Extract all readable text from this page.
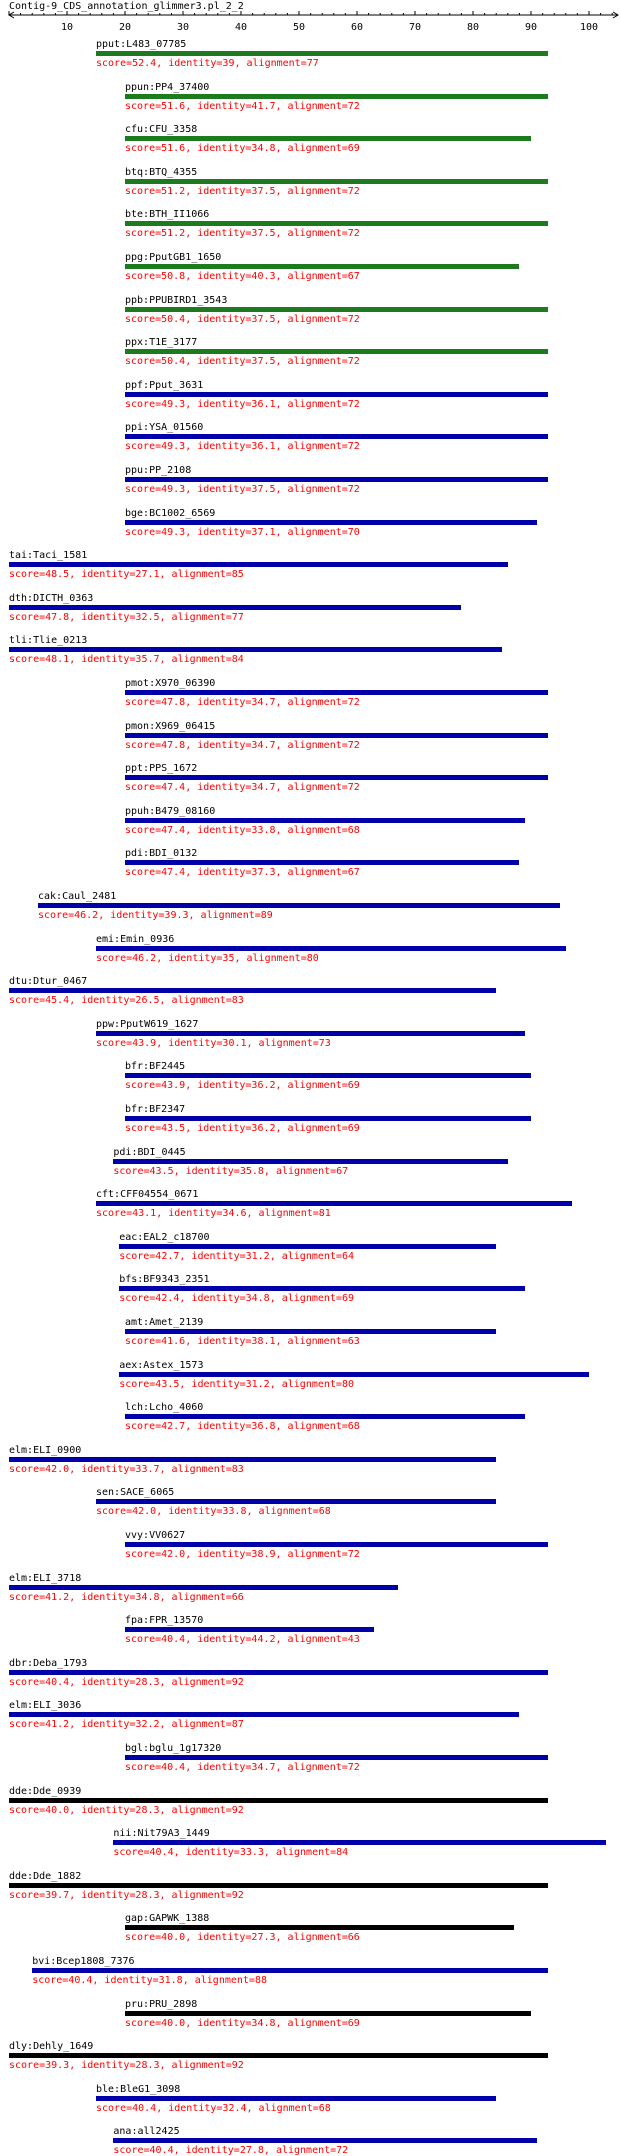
Contig-9_CDS_annotation_glimmer3.pl_2_2
10	20	30	40	50	60	70	80	90	100
pput:L483_07785
score=52.4, identity=39, alignment=77
ppun:PP4_37400
score=51.6, identity=41.7, alignment=72
cfu:CFU_3358
score=51.6, identity=34.8, alignment=69
btq:BTQ_4355
score=51.2, identity=37.5, alignment=72
bte:BTH_II1066
score=51.2, identity=37.5, alignment=72
ppg:PputGB1_1650
score=50.8, identity=40.3, alignment=67
ppb:PPUBIRD1_3543
score=50.4, identity=37.5, alignment=72
ppx:T1E_3177
score=50.4, identity=37.5, alignment=72
ppf:Pput_3631
score=49.3, identity=36.1, alignment=72
ppi:YSA_01560
score=49.3, identity=36.1, alignment=72
ppu:PP_2108
score=49.3, identity=37.5, alignment=72
bge:BC1002_6569
score=49.3, identity=37.1, alignment=70
tai:Taci_1581
score=48.5, identity=27.1, alignment=85
dth:DICTH_0363
score=47.8, identity=32.5, alignment=77
tli:Tlie_0213
score=48.1, identity=35.7, alignment=84
pmot:X970_06390
score=47.8, identity=34.7, alignment=72
pmon:X969_06415
score=47.8, identity=34.7, alignment=72
ppt:PPS_1672
score=47.4, identity=34.7, alignment=72
ppuh:B479_08160
score=47.4, identity=33.8, alignment=68
pdi:BDI_0132
score=47.4, identity=37.3, alignment=67
cak:Caul_2481
score=46.2, identity=39.3, alignment=89
emi:Emin_0936
score=46.2, identity=35, alignment=80
dtu:Dtur_0467
score=45.4, identity=26.5, alignment=83
ppw:PputW619_1627
score=43.9, identity=30.1, alignment=73
bfr:BF2445
score=43.9, identity=36.2, alignment=69
bfr:BF2347
score=43.5, identity=36.2, alignment=69
pdi:BDI_0445
score=43.5, identity=35.8, alignment=67
cft:CFF04554_0671
score=43.1, identity=34.6, alignment=81
eac:EAL2_c18700
score=42.7, identity=31.2, alignment=64
bfs:BF9343_2351
score=42.4, identity=34.8, alignment=69
amt:Amet_2139
score=41.6, identity=38.1, alignment=63
aex:Astex_1573
score=43.5, identity=31.2, alignment=80
lch:Lcho_4060
score=42.7, identity=36.8, alignment=68
elm:ELI_0900
score=42.0, identity=33.7, alignment=83
sen:SACE_6065
score=42.0, identity=33.8, alignment=68
vvy:VV0627
score=42.0, identity=38.9, alignment=72
elm:ELI_3718
score=41.2, identity=34.8, alignment=66
fpa:FPR_13570
score=40.4, identity=44.2, alignment=43
dbr:Deba_1793
score=40.4, identity=28.3, alignment=92
elm:ELI_3036
score=41.2, identity=32.2, alignment=87
bgl:bglu_1g17320
score=40.4, identity=34.7, alignment=72
dde:Dde_0939
score=40.0, identity=28.3, alignment=92
nii:Nit79A3_1449
score=40.4, identity=33.3, alignment=84
dde:Dde_1882
score=39.7, identity=28.3, alignment=92
gap:GAPWK_1388
score=40.0, identity=27.3, alignment=66
bvi:Bcep1808_7376
score=40.4, identity=31.8, alignment=88
pru:PRU_2898
score=40.0, identity=34.8, alignment=69
dly:Dehly_1649
score=39.3, identity=28.3, alignment=92
ble:BleG1_3098
score=40.4, identity=32.4, alignment=68
ana:all2425
score=40.4, identity=27.8, alignment=72
